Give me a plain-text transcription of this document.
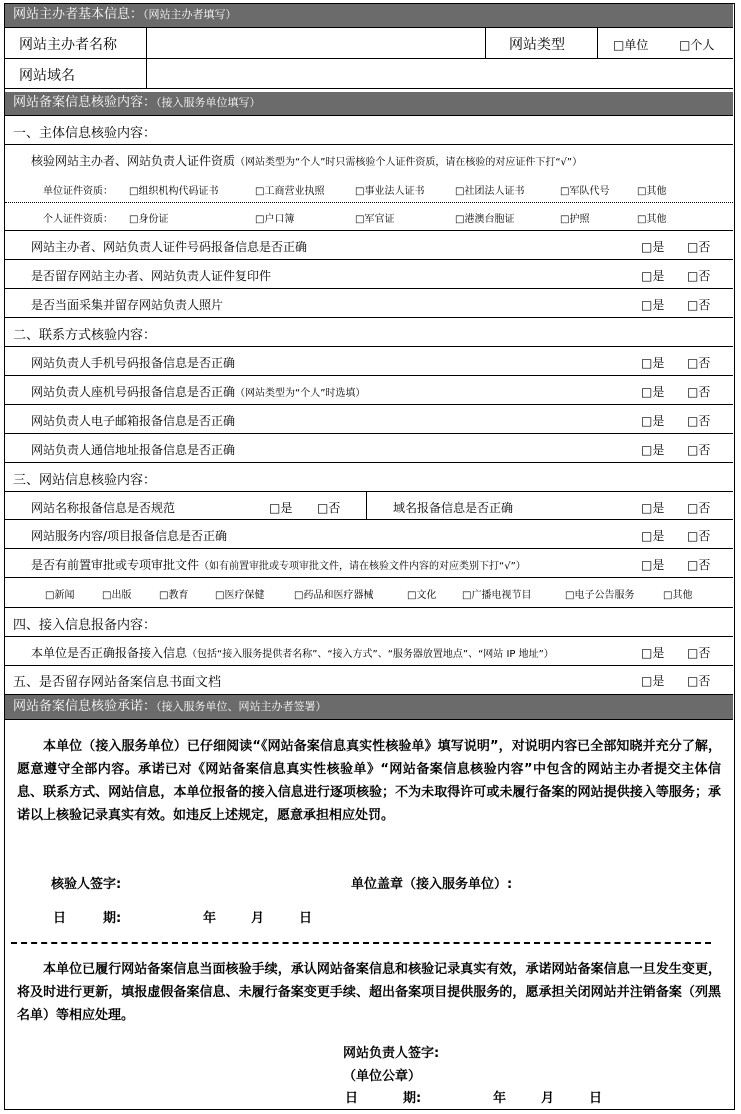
网站主办者基本信息：（网站主办者填写）
网站主办者名称	网站类型	□单位	□个人
网站域名
网站备案信息核验内容：（接入服务单位填写）
一、主体信息核验内容：
核验网站主办者、网站负责人证件资质（网站类型为“个人”时只需核验个人证件资质，请在核验的对应证件下打“√”）
单位证件资质： □组织机构代码证书	□工商营业执照	□事业法人证书	□社团法人证书	□军队代号	□其他
个人证件资质： □身份证	□户口簿	□军官证	□港澳台胞证	□护照	□其他
网站主办者、网站负责人证件号码报备信息是否正确	□是 □否
是否留存网站主办者、网站负责人证件复印件	□是 □否
是否当面采集并留存网站负责人照片	□是 □否
二、联系方式核验内容：
网站负责人手机号码报备信息是否正确	□是 □否
网站负责人座机号码报备信息是否正确（网站类型为“个人”时选填）	□是 □否
网站负责人电子邮箱报备信息是否正确	□是 □否
网站负责人通信地址报备信息是否正确	□是 □否
三、网站信息核验内容：
网站名称报备信息是否规范	□是 □否	域名报备信息是否正确	□是 □否
网站服务内容/项目报备信息是否正确	□是 □否
是否有前置审批或专项审批文件（如有前置审批或专项审批文件，请在核验文件内容的对应类别下打“√”）	□是 □否
□新闻	□出版	□教育	□医疗保健	□药品和医疗器械	□文化	□广播电视节目	□电子公告服务	□其他
四、接入信息报备内容：
本单位是否正确报备接入信息（包括“接入服务提供者名称”、“接入方式”、“服务器放置地点”、“网站 IP 地址”）	□是 □否
五、是否留存网站备案信息书面文档	□是 □否
网站备案信息核验承诺：（接入服务单位、网站主办者签署）
本单位（接入服务单位）已仔细阅读“《网站备案信息真实性核验单》填写说明”，对说明内容已全部知晓并充分了解，愿意遵守全部内容。承诺已对《网站备案信息真实性核验单》“网站备案信息核验内容”中包含的网站主办者提交主体信息、联系方式、网站信息，本单位报备的接入信息进行逐项核验；不为未取得许可或未履行备案的网站提供接入等服务；承诺以上核验记录真实有效。如违反上述规定，愿意承担相应处罚。
核验人签字:	单位盖章（接入服务单位）:
日	期:	年	月	日
本单位已履行网站备案信息当面核验手续，承认网站备案信息和核验记录真实有效，承诺网站备案信息一旦发生变更，将及时进行更新，填报虚假备案信息、未履行备案变更手续、超出备案项目提供服务的，愿承担关闭网站并注销备案（列黑名单）等相应处理。
网站负责人签字:
（单位公章）
日	期:	年	月	日
